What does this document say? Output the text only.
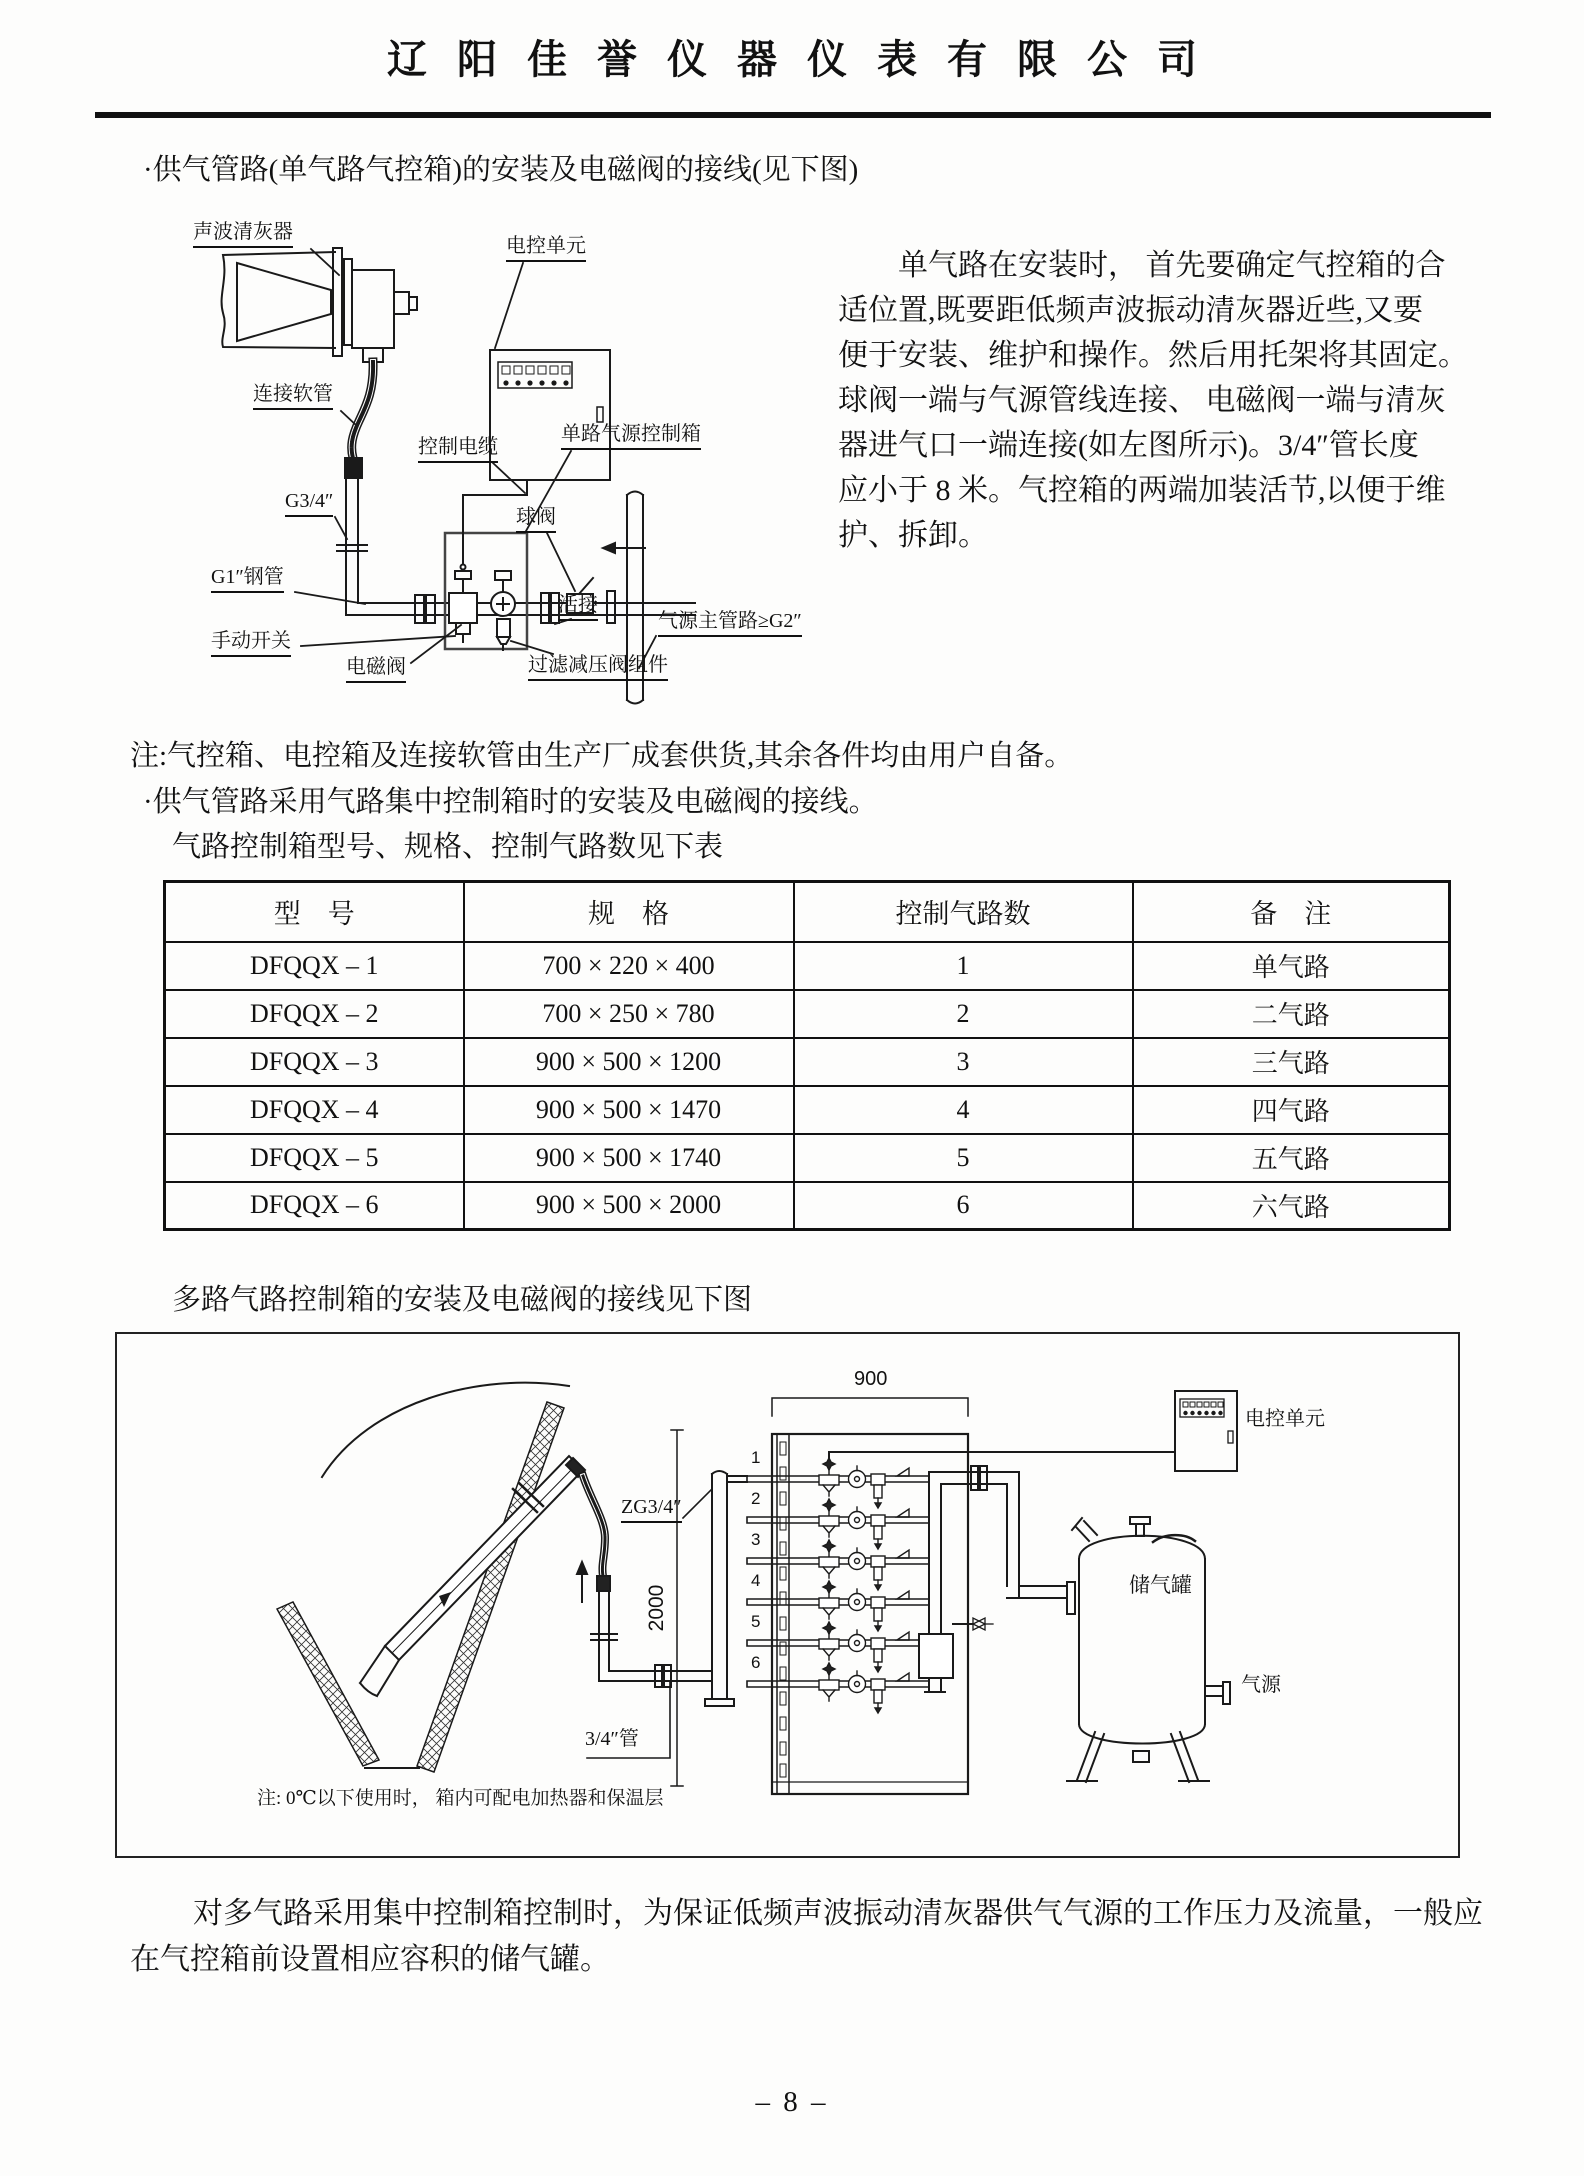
辽阳佳誉仪器仪表有限公司
·供气管路(单气路气控箱)的安装及电磁阀的接线(见下图)
声波清灰器
电控单元
连接软管
控制电缆
单路气源控制箱
G3/4″
球阀
G1″钢管
活接
气源主管路≥G2″
手动开关
电磁阀	过滤减压阀组件
单气路在安装时， 首先要确定气控箱的合
适位置,既要距低频声波振动清灰器近些,又要
便于安装、维护和操作。然后用托架将其固定。
球阀一端与气源管线连接、 电磁阀一端与清灰
器进气口一端连接(如左图所示)。3/4″管长度
应小于 8 米。气控箱的两端加装活节,以便于维
护、拆卸。
注:气控箱、电控箱及连接软管由生产厂成套供货,其余各件均由用户自备。
·供气管路采用气路集中控制箱时的安装及电磁阀的接线。
气路控制箱型号、规格、控制气路数见下表
型　号	规　格	控制气路数	备　注
DFQQX – 1	700 × 220 × 400	1	单气路
DFQQX – 2	700 × 250 × 780	2	二气路
DFQQX – 3	900 × 500 × 1200	3	三气路
DFQQX – 4	900 × 500 × 1470	4	四气路
DFQQX – 5	900 × 500 × 1740	5	五气路
DFQQX – 6	900 × 500 × 2000	6	六气路
多路气路控制箱的安装及电磁阀的接线见下图
2000
900
ZG3/4″
1
2
3
4
5
6
3/4″管
电控单元
储气罐
气源
注: 0℃以下使用时， 箱内可配电加热器和保温层
对多气路采用集中控制箱控制时，为保证低频声波振动清灰器供气气源的工作压力及流量，一般应
在气控箱前设置相应容积的储气罐。
– 8 –
